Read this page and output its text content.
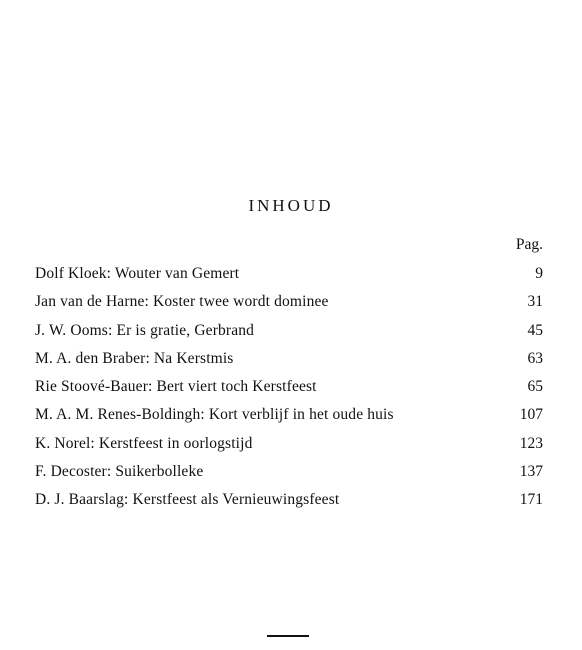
INHOUD
Pag.
Dolf Kloek: Wouter van Gemert	9
Jan van de Harne: Koster twee wordt dominee	31
J. W. Ooms: Er is gratie, Gerbrand	45
M. A. den Braber: Na Kerstmis	63
Rie Stoové-Bauer: Bert viert toch Kerstfeest	65
M. A. M. Renes-Boldingh: Kort verblijf in het oude huis	107
K. Norel: Kerstfeest in oorlogstijd	123
F. Decoster: Suikerbolleke	137
D. J. Baarslag: Kerstfeest als Vernieuwingsfeest	171
